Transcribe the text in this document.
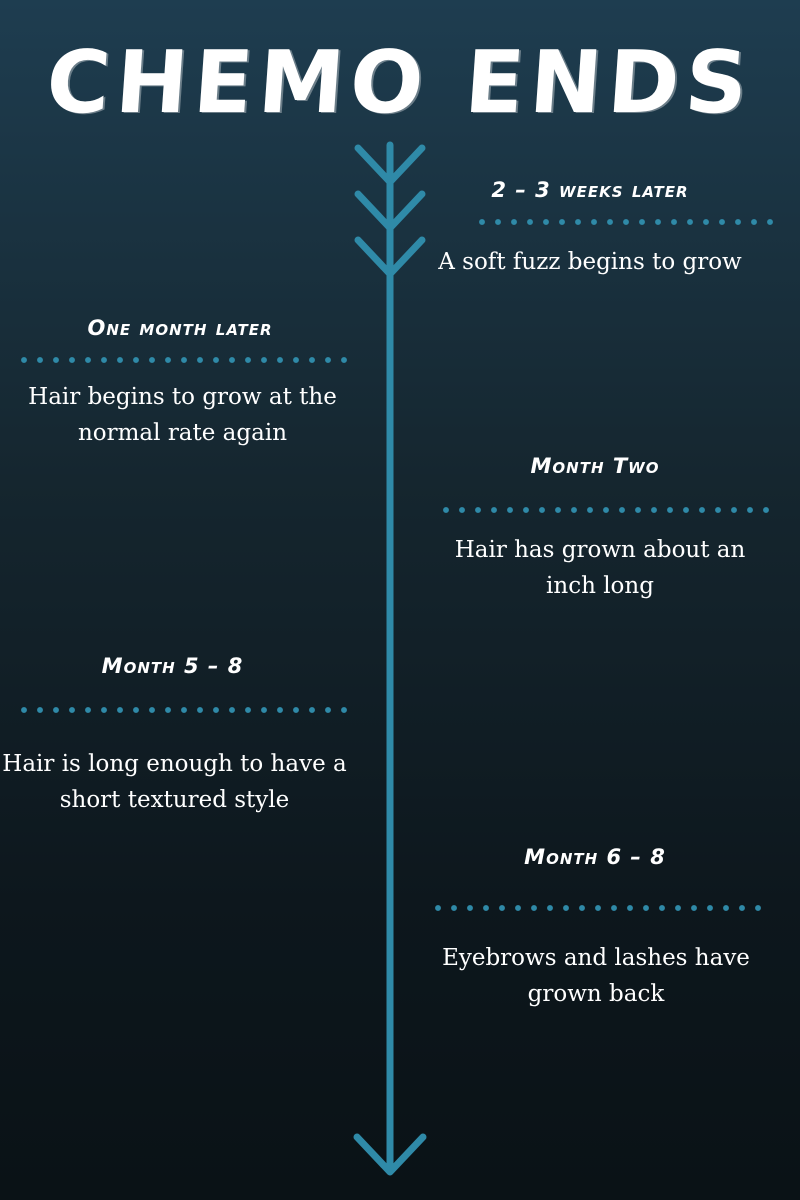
CHEMO ENDS
2 – 3 weeks later
A soft fuzz begins to grow
One month later
Hair begins to grow at the normal rate again
Month Two
Hair has grown about an inch long
Month 5 – 8
Hair is long enough to have a short textured style
Month 6 – 8
Eyebrows and lashes have grown back
